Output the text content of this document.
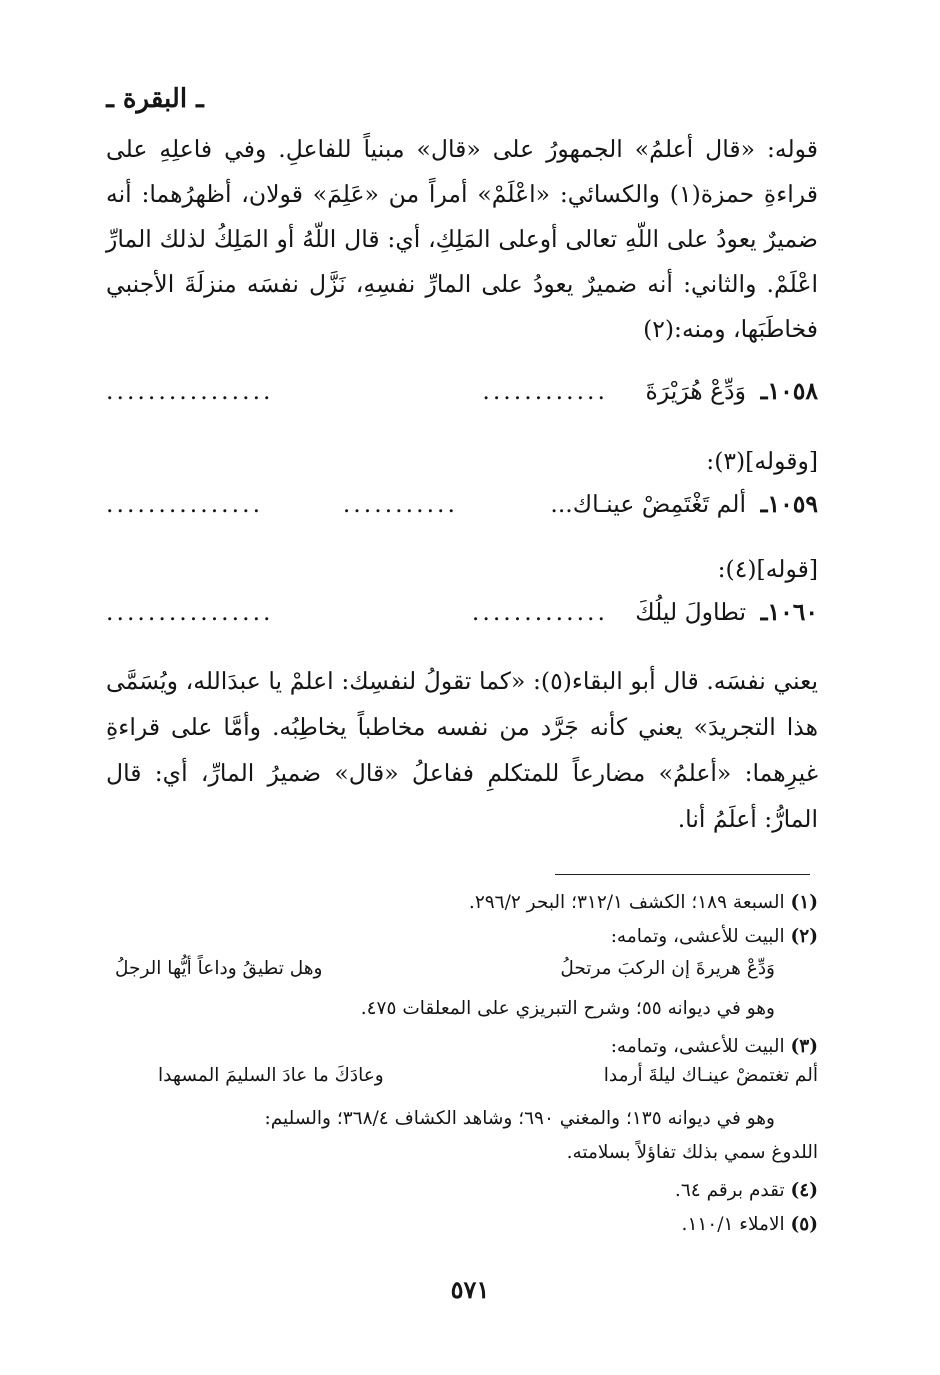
ـ البقرة ـ

قوله: «قال أعلمُ» الجمهورُ على «قال» مبنياً للفاعلِ. وفي فاعلِهِ على قراءةِ حمزة(١) والكسائي: «اعْلَمْ» أمراً من «عَلِمَ» قولان، أظهرُهما: أنه ضميرٌ يعودُ على اللّهِ تعالى أوعلى المَلِكِ، أي: قال اللّهُ أو المَلِكُ لذلك المارِّ اعْلَمْ. والثاني: أنه ضميرٌ يعودُ على المارِّ نفسِهِ، نَزَّل نفسَه منزلَةَ الأجنبي فخاطَبَها، ومنه:(٢)

١٠٥٨ـ
وَدِّعْ هُرَيْرَةَ
............
................
[وقوله](٣):
١٠٥٩ـ
ألم تَغْتَمِضْ عينـاك...
...........
...............
[قوله](٤):
١٠٦٠ـ
تطاولَ ليلُكَ
.............
................

يعني نفسَه. قال أبو البقاء(٥): «كما تقولُ لنفسِك: اعلمْ يا عبدَالله، ويُسَمَّى هذا التجريدَ» يعني كأنه جَرَّد من نفسه مخاطباً يخاطِبُه. وأمَّا على قراءةِ غيرِهما: «أعلمُ» مضارعاً للمتكلمِ ففاعلُ «قال» ضميرُ المارِّ، أي: قال المارُّ: أعلَمُ أنا.

(١) السبعة ١٨٩؛ الكشف ٣١٢/١؛ البحر ٢٩٦/٢.
(٢) البيت للأعشى، وتمامه:
وَدِّعْ هريرةَ إن الركبَ مرتحلُ
وهل تطيقُ وداعاً أيُّها الرجلُ
وهو في ديوانه ٥٥؛ وشرح التبريزي على المعلقات ٤٧٥.
(٣) البيت للأعشى، وتمامه:
ألم تغتمضْ عينـاك ليلةَ أرمدا
وعادَكَ ما عادَ السليمَ المسهدا
وهو في ديوانه ١٣٥؛ والمغني ٦٩٠؛ وشاهد الكشاف ٣٦٨/٤؛ والسليم:
اللدوغ سمي بذلك تفاؤلاً بسلامته.
(٤) تقدم برقم ٦٤.
(٥) الاملاء ١١٠/١.
٥٧١
